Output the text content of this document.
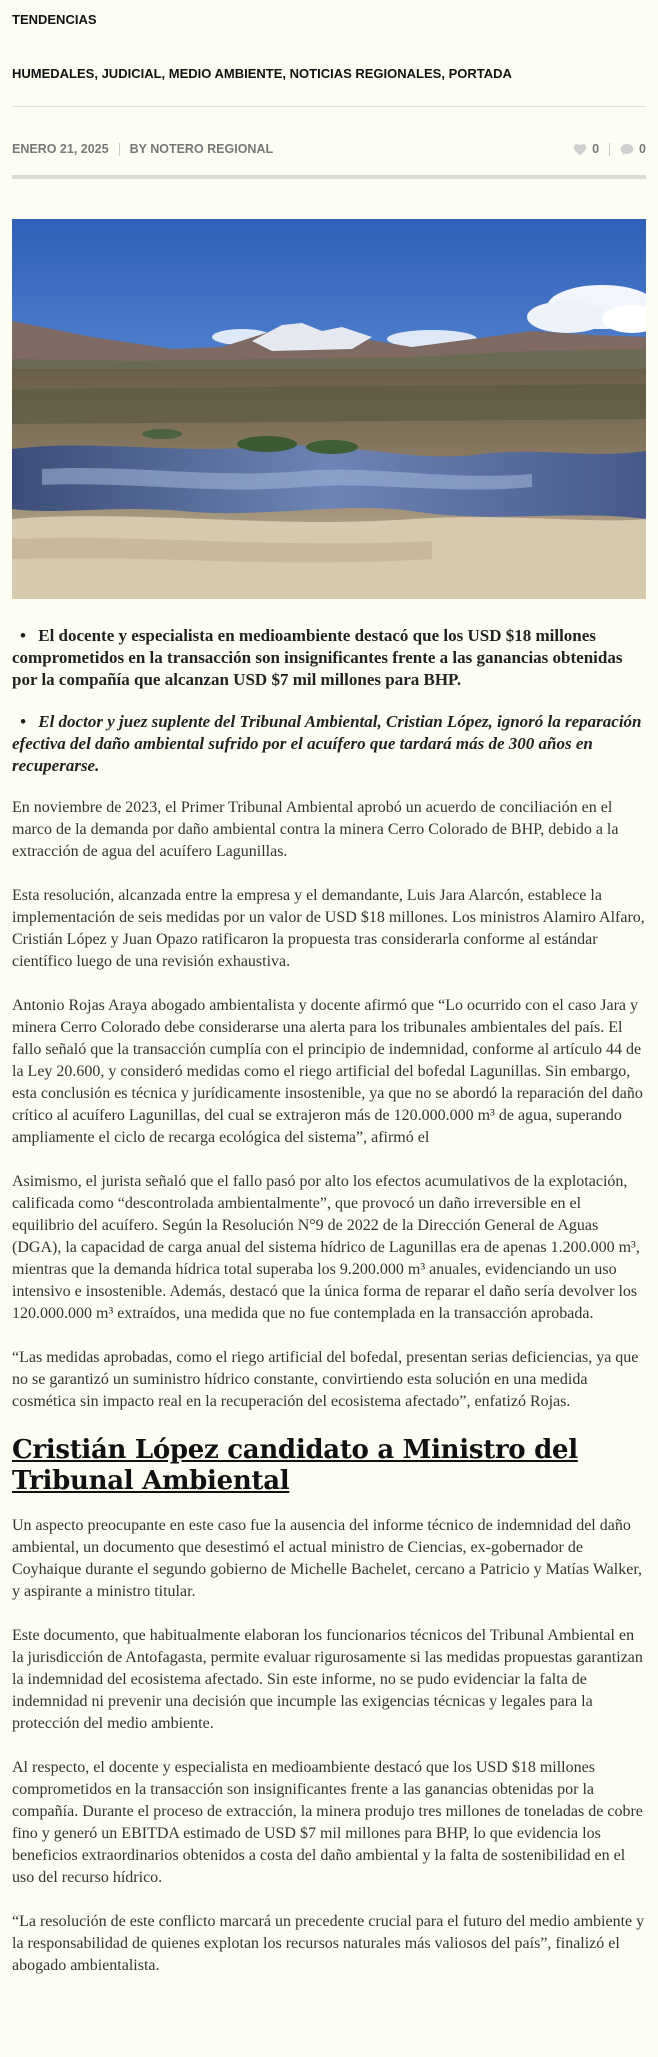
TENDENCIAS
HUMEDALES, JUDICIAL, MEDIO AMBIENTE, NOTICIAS REGIONALES, PORTADA
ENERO 21, 2025 BY NOTERO REGIONAL	0	0

• El docente y especialista en medioambiente destacó que los USD $18 millones comprometidos en la transacción son insignificantes frente a las ganancias obtenidas por la compañía que alcanzan USD $7 mil millones para BHP.

• El doctor y juez suplente del Tribunal Ambiental, Cristian López, ignoró la reparación efectiva del daño ambiental sufrido por el acuífero que tardará más de 300 años en recuperarse.

En noviembre de 2023, el Primer Tribunal Ambiental aprobó un acuerdo de conciliación en el marco de la demanda por daño ambiental contra la minera Cerro Colorado de BHP, debido a la extracción de agua del acuífero Lagunillas.

Esta resolución, alcanzada entre la empresa y el demandante, Luis Jara Alarcón, establece la implementación de seis medidas por un valor de USD $18 millones. Los ministros Alamiro Alfaro, Cristián López y Juan Opazo ratificaron la propuesta tras considerarla conforme al estándar científico luego de una revisión exhaustiva.

Antonio Rojas Araya abogado ambientalista y docente afirmó que “Lo ocurrido con el caso Jara y minera Cerro Colorado debe considerarse una alerta para los tribunales ambientales del país. El fallo señaló que la transacción cumplía con el principio de indemnidad, conforme al artículo 44 de la Ley 20.600, y consideró medidas como el riego artificial del bofedal Lagunillas. Sin embargo, esta conclusión es técnica y jurídicamente insostenible, ya que no se abordó la reparación del daño crítico al acuífero Lagunillas, del cual se extrajeron más de 120.000.000 m³ de agua, superando ampliamente el ciclo de recarga ecológica del sistema”, afirmó el

Asimismo, el jurista señaló que el fallo pasó por alto los efectos acumulativos de la explotación, calificada como “descontrolada ambientalmente”, que provocó un daño irreversible en el equilibrio del acuífero. Según la Resolución N°9 de 2022 de la Dirección General de Aguas (DGA), la capacidad de carga anual del sistema hídrico de Lagunillas era de apenas 1.200.000 m³, mientras que la demanda hídrica total superaba los 9.200.000 m³ anuales, evidenciando un uso intensivo e insostenible. Además, destacó que la única forma de reparar el daño sería devolver los 120.000.000 m³ extraídos, una medida que no fue contemplada en la transacción aprobada.

“Las medidas aprobadas, como el riego artificial del bofedal, presentan serias deficiencias, ya que no se garantizó un suministro hídrico constante, convirtiendo esta solución en una medida cosmética sin impacto real en la recuperación del ecosistema afectado”, enfatizó Rojas.

Cristián López candidato a Ministro del Tribunal Ambiental

Un aspecto preocupante en este caso fue la ausencia del informe técnico de indemnidad del daño ambiental, un documento que desestimó el actual ministro de Ciencias, ex-gobernador de Coyhaique durante el segundo gobierno de Michelle Bachelet, cercano a Patricio y Matías Walker, y aspirante a ministro titular.

Este documento, que habitualmente elaboran los funcionarios técnicos del Tribunal Ambiental en la jurisdicción de Antofagasta, permite evaluar rigurosamente si las medidas propuestas garantizan la indemnidad del ecosistema afectado. Sin este informe, no se pudo evidenciar la falta de indemnidad ni prevenir una decisión que incumple las exigencias técnicas y legales para la protección del medio ambiente.

Al respecto, el docente y especialista en medioambiente destacó que los USD $18 millones comprometidos en la transacción son insignificantes frente a las ganancias obtenidas por la compañía. Durante el proceso de extracción, la minera produjo tres millones de toneladas de cobre fino y generó un EBITDA estimado de USD $7 mil millones para BHP, lo que evidencia los beneficios extraordinarios obtenidos a costa del daño ambiental y la falta de sostenibilidad en el uso del recurso hídrico.

“La resolución de este conflicto marcará un precedente crucial para el futuro del medio ambiente y la responsabilidad de quienes explotan los recursos naturales más valiosos del país”, finalizó el abogado ambientalista.
